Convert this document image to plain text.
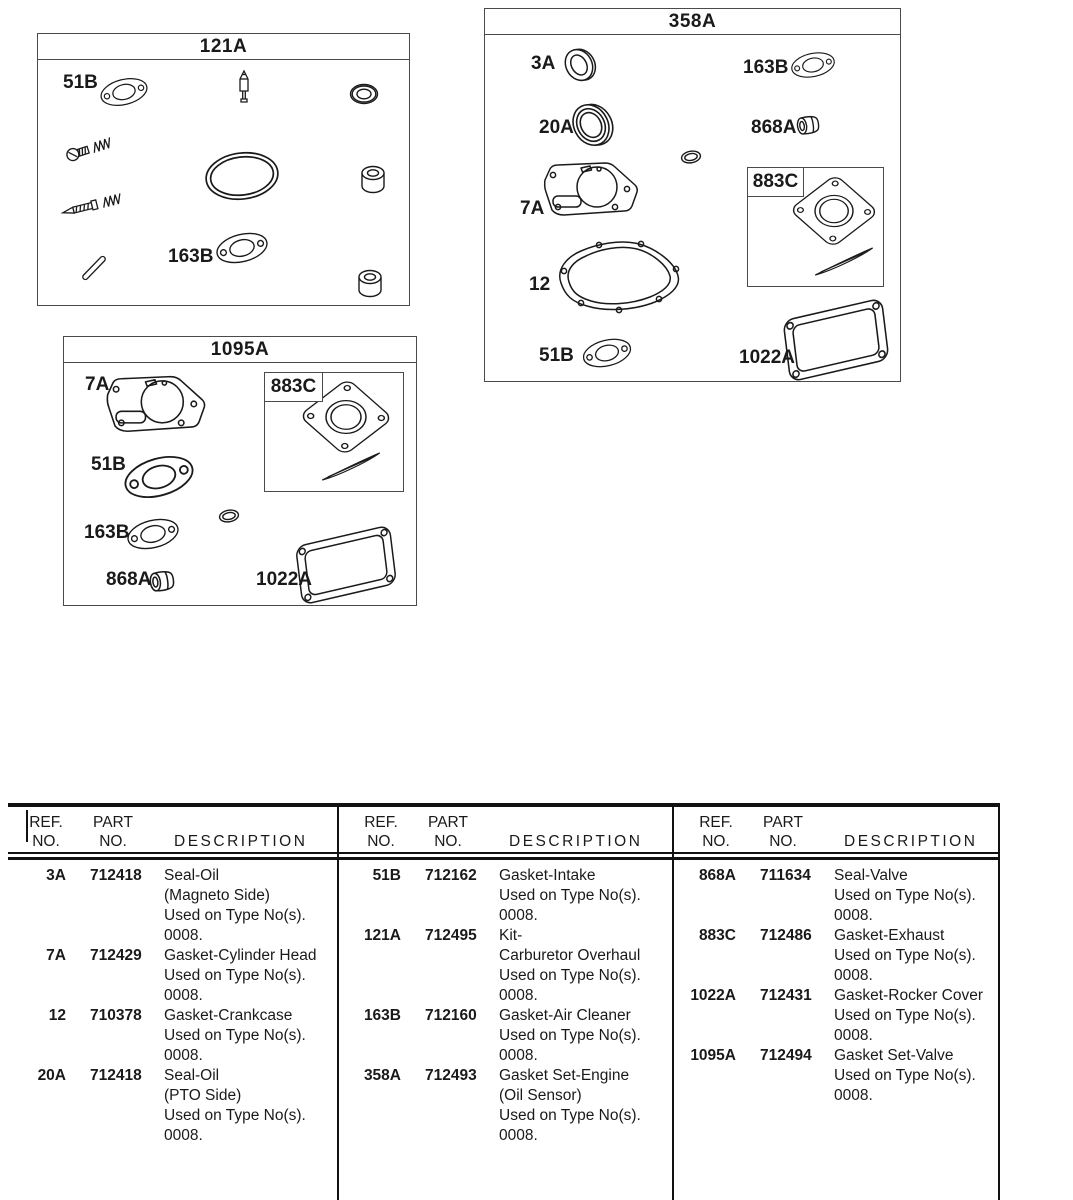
121A
51B
163B
358A
883C
3A	163B
20A	868A
7A
12
51B	1022A
1095A
883C
7A
51B
163B
868A	1022A
REF.
NO.
PART
NO.	DESCRIPTION
3A	712418	Seal-Oil
(Magneto Side)
Used on Type No(s).
0008.
7A	712429	Gasket-Cylinder Head
Used on Type No(s).
0008.
12	710378	Gasket-Crankcase
Used on Type No(s).
0008.
20A	712418	Seal-Oil
(PTO Side)
Used on Type No(s).
0008.
REF.
NO.
PART
NO.	DESCRIPTION
51B	712162	Gasket-Intake
Used on Type No(s).
0008.
121A	712495	Kit-
Carburetor Overhaul
Used on Type No(s).
0008.
163B	712160	Gasket-Air Cleaner
Used on Type No(s).
0008.
358A	712493	Gasket Set-Engine
(Oil Sensor)
Used on Type No(s).
0008.
REF.
NO.
PART
NO.	DESCRIPTION
868A	711634	Seal-Valve
Used on Type No(s).
0008.
883C	712486	Gasket-Exhaust
Used on Type No(s).
0008.
1022A	712431	Gasket-Rocker Cover
Used on Type No(s).
0008.
1095A	712494	Gasket Set-Valve
Used on Type No(s).
0008.
